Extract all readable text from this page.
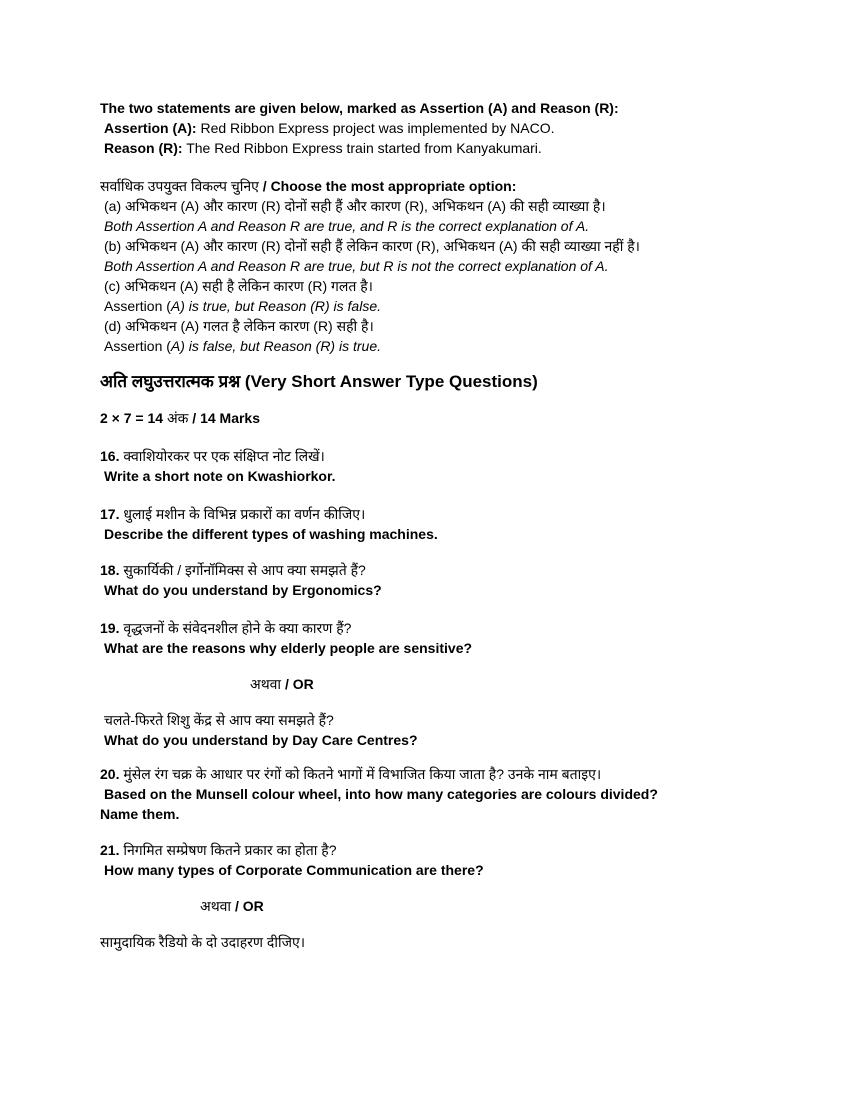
The two statements are given below, marked as Assertion (A) and Reason (R):
Assertion (A): Red Ribbon Express project was implemented by NACO.
Reason (R): The Red Ribbon Express train started from Kanyakumari.
सर्वाधिक उपयुक्त विकल्प चुनिए / Choose the most appropriate option:
(a) अभिकथन (A) और कारण (R) दोनों सही हैं और कारण (R), अभिकथन (A) की सही व्याख्या है।
Both Assertion A and Reason R are true, and R is the correct explanation of A.
(b) अभिकथन (A) और कारण (R) दोनों सही हैं लेकिन कारण (R), अभिकथन (A) की सही व्याख्या नहीं है।
Both Assertion A and Reason R are true, but R is not the correct explanation of A.
(c) अभिकथन (A) सही है लेकिन कारण (R) गलत है।
Assertion (A) is true, but Reason (R) is false.
(d) अभिकथन (A) गलत है लेकिन कारण (R) सही है।
Assertion (A) is false, but Reason (R) is true.
अति लघुउत्तरात्मक प्रश्न (Very Short Answer Type Questions)
2 × 7 = 14 अंक / 14 Marks
16. क्वाशियोरकर पर एक संक्षिप्त नोट लिखें।
Write a short note on Kwashiorkor.
17. धुलाई मशीन के विभिन्न प्रकारों का वर्णन कीजिए।
Describe the different types of washing machines.
18. सुकार्यिकी / इर्गोनॉमिक्स से आप क्या समझते हैं?
What do you understand by Ergonomics?
19. वृद्धजनों के संवेदनशील होने के क्या कारण हैं?
What are the reasons why elderly people are sensitive?
अथवा / OR
चलते-फिरते शिशु केंद्र से आप क्या समझते हैं?
What do you understand by Day Care Centres?
20. मुंसेल रंग चक्र के आधार पर रंगों को कितने भागों में विभाजित किया जाता है? उनके नाम बताइए।
Based on the Munsell colour wheel, into how many categories are colours divided?
Name them.
21. निगमित सम्प्रेषण कितने प्रकार का होता है?
How many types of Corporate Communication are there?
अथवा / OR
सामुदायिक रैडियो के दो उदाहरण दीजिए।
